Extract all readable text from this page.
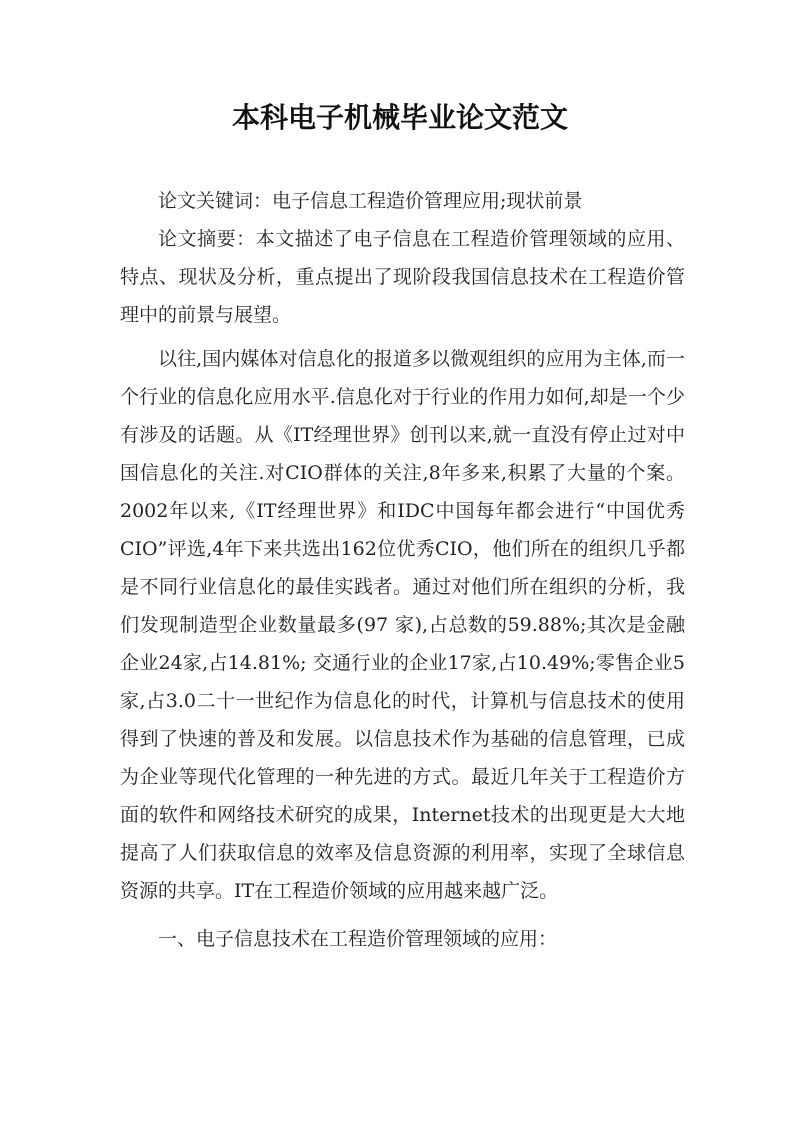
本科电子机械毕业论文范文

论文关键词：电子信息工程造价管理应用;现状前景

论文摘要：本文描述了电子信息在工程造价管理领域的应用、特点、现状及分析，重点提出了现阶段我国信息技术在工程造价管理中的前景与展望。

以往,国内媒体对信息化的报道多以微观组织的应用为主体,而一个行业的信息化应用水平.信息化对于行业的作用力如何,却是一个少有涉及的话题。从《IT经理世界》创刊以来,就一直没有停止过对中国信息化的关注.对CIO群体的关注,8年多来,积累了大量的个案。2002年以来,《IT经理世界》和IDC中国每年都会进行“中国优秀CIO”评选,4年下来共选出162位优秀CIO，他们所在的组织几乎都是不同行业信息化的最佳实践者。通过对他们所在组织的分析，我们发现制造型企业数量最多(97 家),占总数的59.88%;其次是金融企业24家,占14.81%; 交通行业的企业17家,占10.49%;零售企业5家,占3.0二十一世纪作为信息化的时代，计算机与信息技术的使用得到了快速的普及和发展。以信息技术作为基础的信息管理，已成为企业等现代化管理的一种先进的方式。最近几年关于工程造价方面的软件和网络技术研究的成果，Internet技术的出现更是大大地提高了人们获取信息的效率及信息资源的利用率，实现了全球信息资源的共享。IT在工程造价领域的应用越来越广泛。

一、电子信息技术在工程造价管理领域的应用：
